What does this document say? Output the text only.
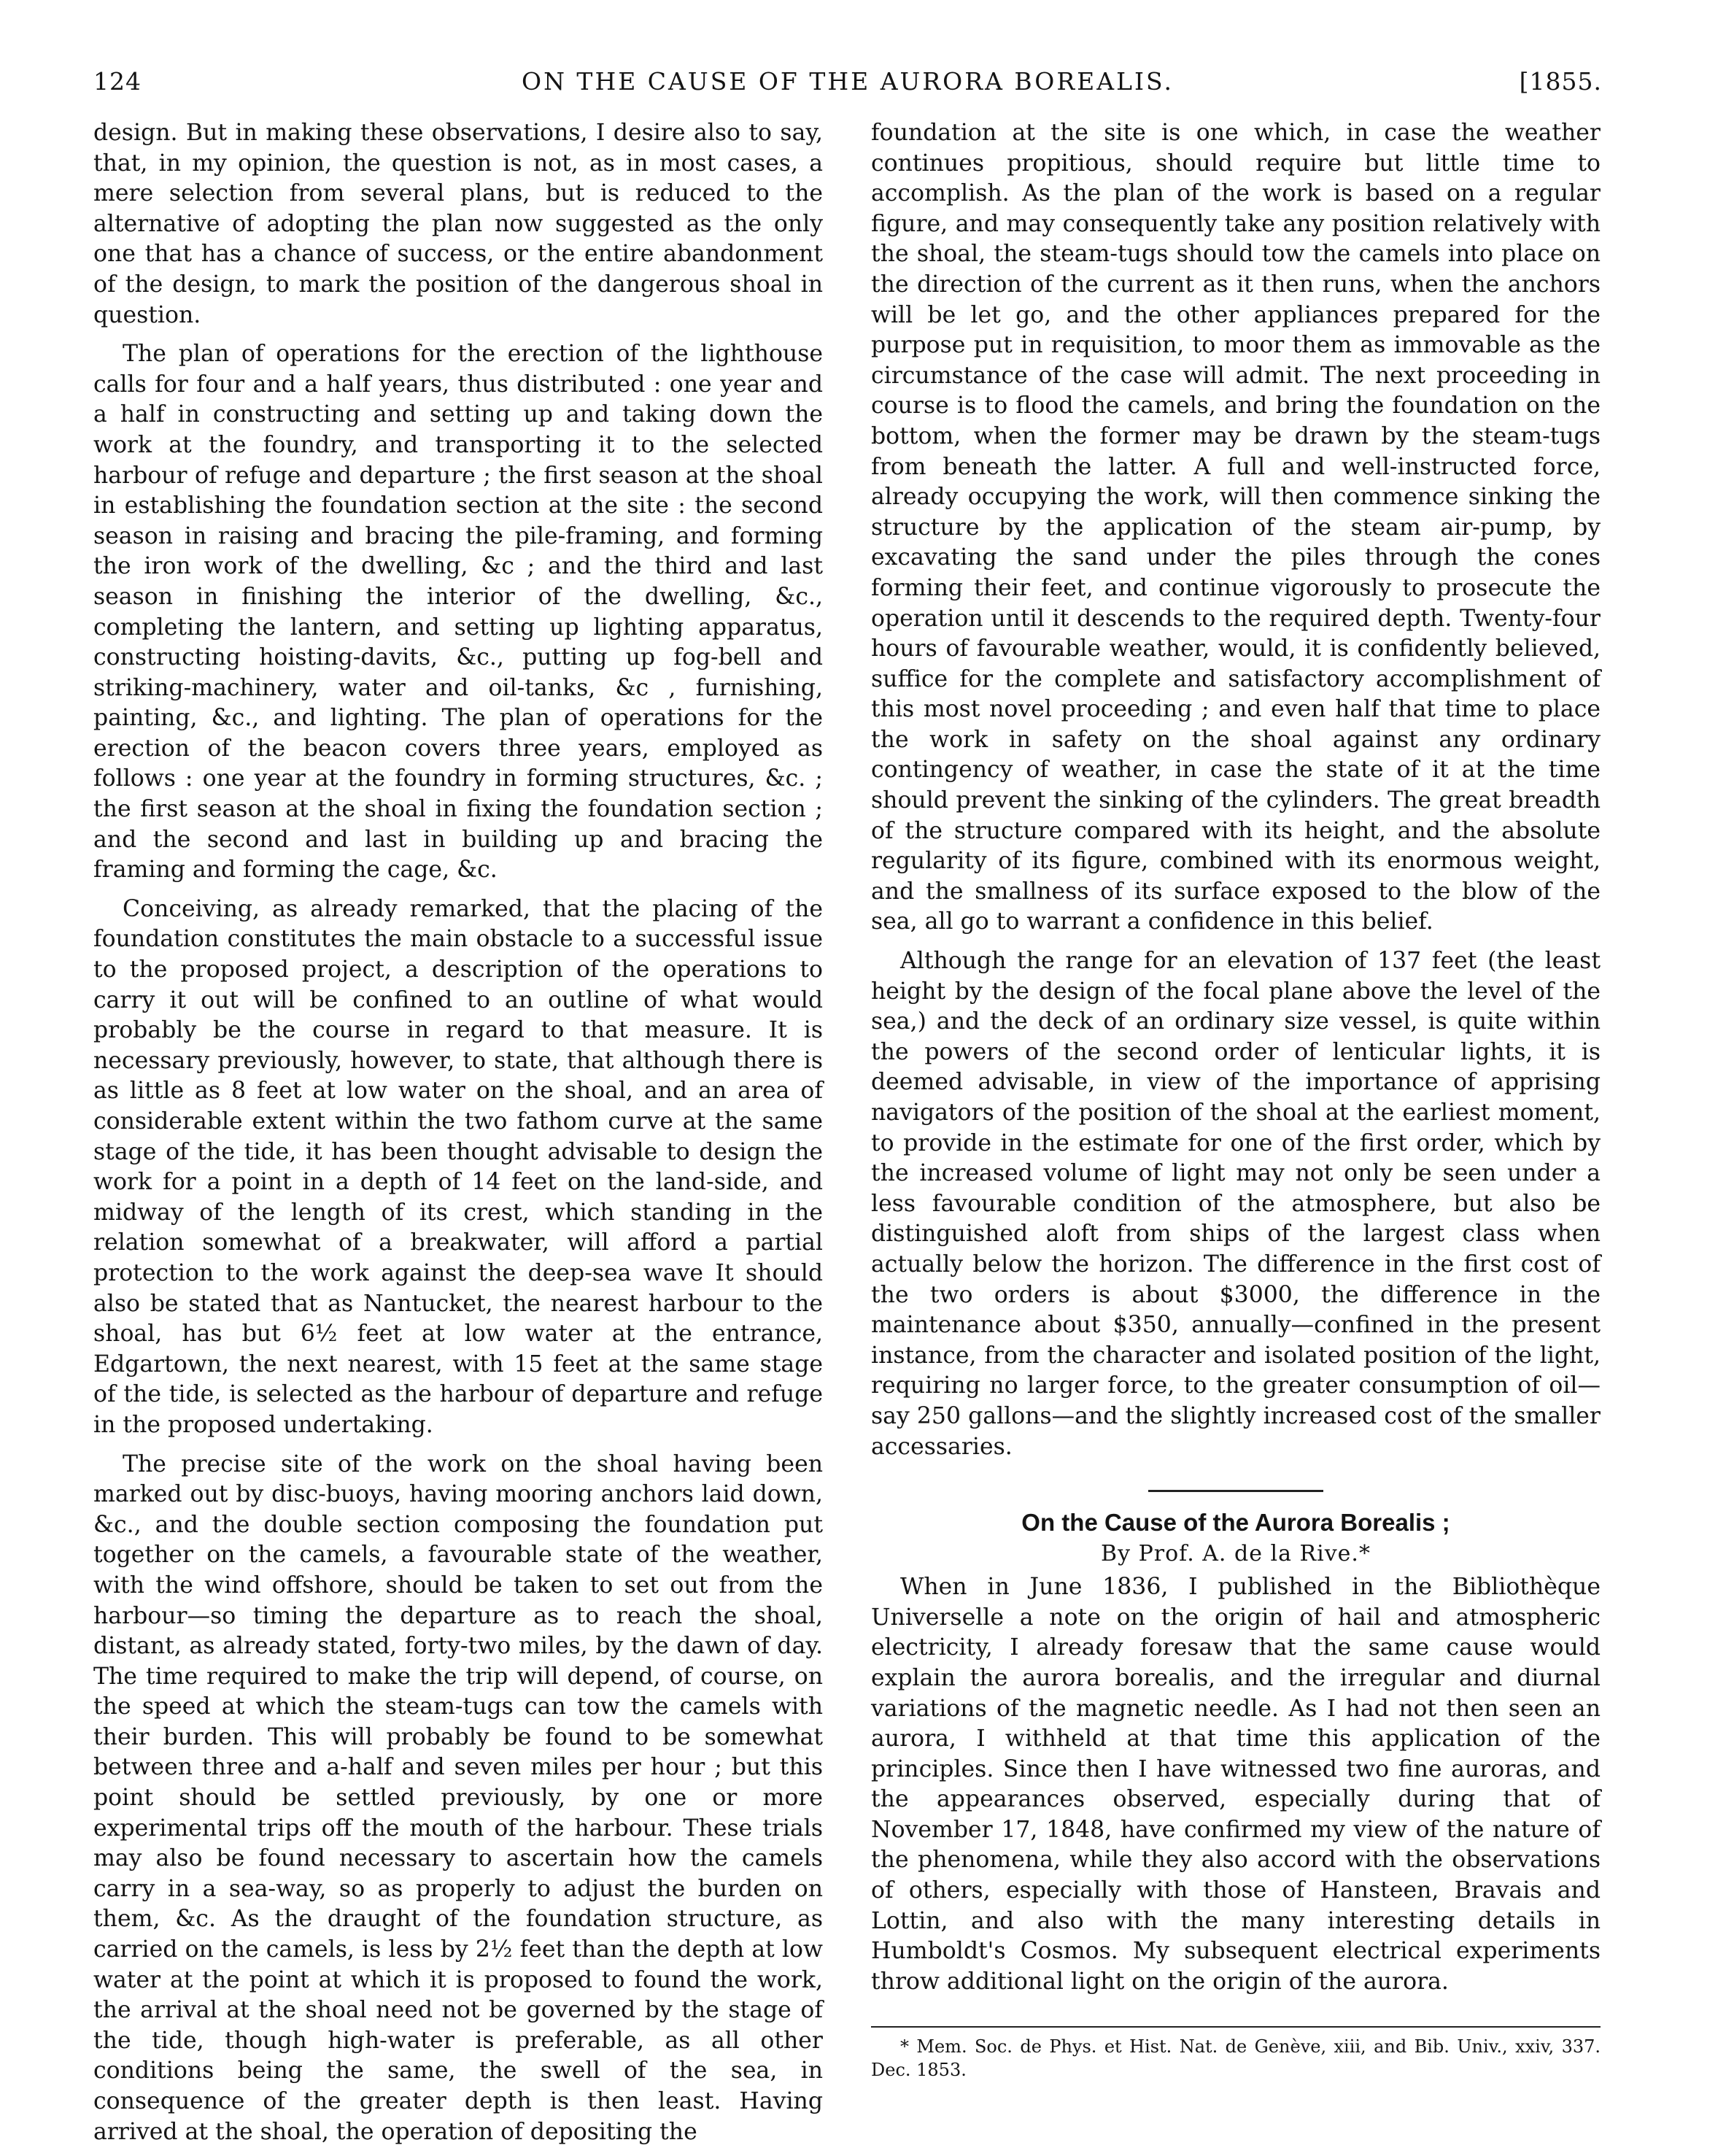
124	ON THE CAUSE OF THE AURORA BOREALIS.	[1855.

design. But in making these observations, I desire also to say, that, in my opinion, the question is not, as in most cases, a mere selection from several plans, but is reduced to the alternative of adopting the plan now suggested as the only one that has a chance of success, or the entire abandonment of the design, to mark the position of the dangerous shoal in question.

The plan of operations for the erection of the lighthouse calls for four and a half years, thus distributed : one year and a half in constructing and setting up and taking down the work at the foundry, and transporting it to the selected harbour of refuge and departure ; the first season at the shoal in establishing the foundation section at the site : the second season in raising and bracing the pile-framing, and forming the iron work of the dwelling, &c ; and the third and last season in finishing the interior of the dwelling, &c., completing the lantern, and setting up lighting apparatus, constructing hoisting-davits, &c., putting up fog-bell and striking-machinery, water and oil-tanks, &c , furnishing, painting, &c., and lighting. The plan of operations for the erection of the beacon covers three years, employed as follows : one year at the foundry in forming structures, &c. ; the first season at the shoal in fixing the foundation section ; and the second and last in building up and bracing the framing and forming the cage, &c.

Conceiving, as already remarked, that the placing of the foundation constitutes the main obstacle to a successful issue to the proposed project, a description of the operations to carry it out will be confined to an outline of what would probably be the course in regard to that measure. It is necessary previously, however, to state, that although there is as little as 8 feet at low water on the shoal, and an area of considerable extent within the two fathom curve at the same stage of the tide, it has been thought advisable to design the work for a point in a depth of 14 feet on the land-side, and midway of the length of its crest, which standing in the relation somewhat of a breakwater, will afford a partial protection to the work against the deep-sea wave It should also be stated that as Nantucket, the nearest harbour to the shoal, has but 6½ feet at low water at the entrance, Edgartown, the next nearest, with 15 feet at the same stage of the tide, is selected as the harbour of departure and refuge in the proposed undertaking.

The precise site of the work on the shoal having been marked out by disc-buoys, having mooring anchors laid down, &c., and the double section composing the foundation put together on the camels, a favourable state of the weather, with the wind offshore, should be taken to set out from the harbour—so timing the departure as to reach the shoal, distant, as already stated, forty-two miles, by the dawn of day. The time required to make the trip will depend, of course, on the speed at which the steam-tugs can tow the camels with their burden. This will probably be found to be somewhat between three and a-half and seven miles per hour ; but this point should be settled previously, by one or more experimental trips off the mouth of the harbour. These trials may also be found necessary to ascertain how the camels carry in a sea-way, so as properly to adjust the burden on them, &c. As the draught of the foundation structure, as carried on the camels, is less by 2½ feet than the depth at low water at the point at which it is proposed to found the work, the arrival at the shoal need not be governed by the stage of the tide, though high-water is preferable, as all other conditions being the same, the swell of the sea, in consequence of the greater depth is then least. Having arrived at the shoal, the operation of depositing the

foundation at the site is one which, in case the weather continues propitious, should require but little time to accomplish. As the plan of the work is based on a regular figure, and may consequently take any position relatively with the shoal, the steam-tugs should tow the camels into place on the direction of the current as it then runs, when the anchors will be let go, and the other appliances prepared for the purpose put in requisition, to moor them as immovable as the circumstance of the case will admit. The next proceeding in course is to flood the camels, and bring the foundation on the bottom, when the former may be drawn by the steam-tugs from beneath the latter. A full and well-instructed force, already occupying the work, will then commence sinking the structure by the application of the steam air-pump, by excavating the sand under the piles through the cones forming their feet, and continue vigorously to prosecute the operation until it descends to the required depth. Twenty-four hours of favourable weather, would, it is confidently believed, suffice for the complete and satisfactory accomplishment of this most novel proceeding ; and even half that time to place the work in safety on the shoal against any ordinary contingency of weather, in case the state of it at the time should prevent the sinking of the cylinders. The great breadth of the structure compared with its height, and the absolute regularity of its figure, combined with its enormous weight, and the smallness of its surface exposed to the blow of the sea, all go to warrant a confidence in this belief.

Although the range for an elevation of 137 feet (the least height by the design of the focal plane above the level of the sea,) and the deck of an ordinary size vessel, is quite within the powers of the second order of lenticular lights, it is deemed advisable, in view of the importance of apprising navigators of the position of the shoal at the earliest moment, to provide in the estimate for one of the first order, which by the increased volume of light may not only be seen under a less favourable condition of the atmosphere, but also be distinguished aloft from ships of the largest class when actually below the horizon. The difference in the first cost of the two orders is about $3000, the difference in the maintenance about $350, annually—confined in the present instance, from the character and isolated position of the light, requiring no larger force, to the greater consumption of oil—say 250 gallons—and the slightly increased cost of the smaller accessaries.

On the Cause of the Aurora Borealis ;
By Prof. A. de la Rive.*

When in June 1836, I published in the Bibliothèque Universelle a note on the origin of hail and atmospheric electricity, I already foresaw that the same cause would explain the aurora borealis, and the irregular and diurnal variations of the magnetic needle. As I had not then seen an aurora, I withheld at that time this application of the principles. Since then I have witnessed two fine auroras, and the appearances observed, especially during that of November 17, 1848, have confirmed my view of the nature of the phenomena, while they also accord with the observations of others, especially with those of Hansteen, Bravais and Lottin, and also with the many interesting details in Humboldt's Cosmos. My subsequent electrical experiments throw additional light on the origin of the aurora.

* Mem. Soc. de Phys. et Hist. Nat. de Genève, xiii, and Bib. Univ., xxiv, 337. Dec. 1853.
